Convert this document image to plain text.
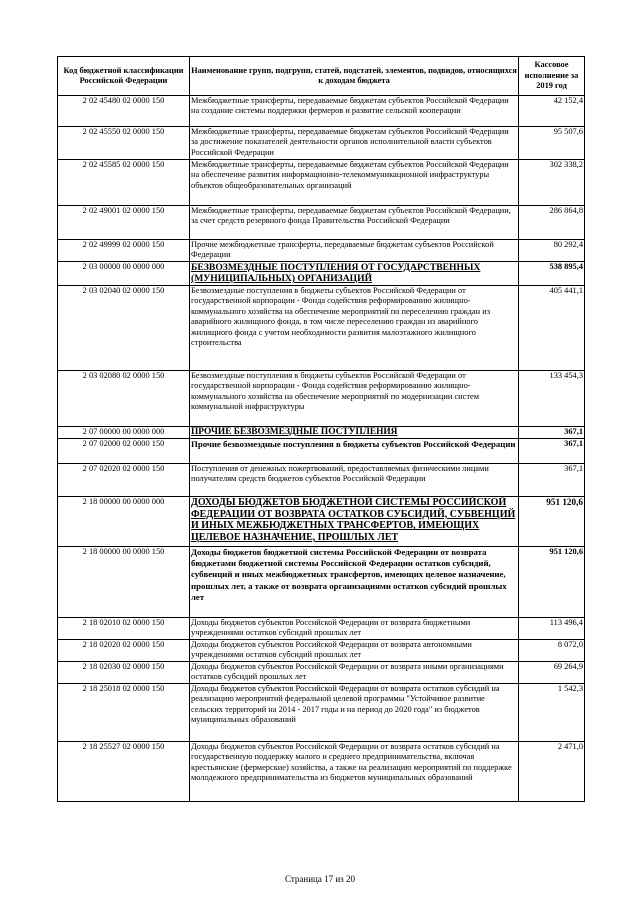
Код бюджетной классификации Российской Федерации	Наименование групп, подгрупп, статей, подстатей, элементов, подвидов, относящихся к доходам бюджета	Кассовое исполнение за 2019 год
2 02 45480 02 0000 150	Межбюджетные трансферты, передаваемые бюджетам субъектов Российской Федерации на создание системы поддержки фермеров и развитие сельской кооперации	42 152,4
2 02 45550 02 0000 150	Межбюджетные трансферты, передаваемые бюджетам субъектов Российской Федерации за достижение показателей деятельности органов исполнительной власти субъектов Российской Федерации	95 507,6
2 02 45585 02 0000 150	Межбюджетные трансферты, передаваемые бюджетам субъектов Российской Федерации на обеспечение развития информационно-телекоммуникационной инфраструктуры объектов общеобразовательных организаций	302 338,2
2 02 49001 02 0000 150	Межбюджетные трансферты, передаваемые бюджетам субъектов Российской Федерации, за счет средств резервного фонда Правительства Российской Федерации	286 864,8
2 02 49999 02 0000 150	Прочие межбюджетные трансферты, передаваемые бюджетам субъектов Российской Федерации	80 292,4
2 03 00000 00 0000 000	БЕЗВОЗМЕЗДНЫЕ ПОСТУПЛЕНИЯ ОТ ГОСУДАРСТВЕННЫХ (МУНИЦИПАЛЬНЫХ) ОРГАНИЗАЦИЙ	538 895,4
2 03 02040 02 0000 150	Безвозмездные поступления в бюджеты субъектов Российской Федерации от государственной корпорации - Фонда содействия реформированию жилищно-коммунального хозяйства на обеспечение мероприятий по переселению граждан из аварийного жилищного фонда, в том числе переселению граждан из аварийного жилищного фонда с учетом необходимости развития малоэтажного жилищного строительства	405 441,1
2 03 02080 02 0000 150	Безвозмездные поступления в бюджеты субъектов Российской Федерации от государственной корпорации - Фонда содействия реформированию жилищно-коммунального хозяйства на обеспечение мероприятий по модернизации систем коммунальной инфраструктуры	133 454,3
2 07 00000 00 0000 000	ПРОЧИЕ БЕЗВОЗМЕЗДНЫЕ ПОСТУПЛЕНИЯ	367,1
2 07 02000 02 0000 150	Прочие безвозмездные поступления в бюджеты субъектов Российской Федерации	367,1
2 07 02020 02 0000 150	Поступления от денежных пожертвований, предоставляемых физическими лицами получателям средств бюджетов субъектов Российской Федерации	367,1
2 18 00000 00 0000 000	ДОХОДЫ БЮДЖЕТОВ БЮДЖЕТНОЙ СИСТЕМЫ РОССИЙСКОЙ ФЕДЕРАЦИИ ОТ ВОЗВРАТА ОСТАТКОВ СУБСИДИЙ, СУБВЕНЦИЙ И ИНЫХ МЕЖБЮДЖЕТНЫХ ТРАНСФЕРТОВ, ИМЕЮЩИХ ЦЕЛЕВОЕ НАЗНАЧЕНИЕ, ПРОШЛЫХ ЛЕТ	951 120,6
2 18 00000 00 0000 150	Доходы бюджетов бюджетной системы Российской Федерации от возврата бюджетами бюджетной системы Российской Федерации остатков субсидий, субвенций и иных межбюджетных трансфертов, имеющих целевое назначение, прошлых лет, а также от возврата организациями остатков субсидий прошлых лет	951 120,6
2 18 02010 02 0000 150	Доходы бюджетов субъектов Российской Федерации от возврата бюджетными учреждениями остатков субсидий прошлых лет	113 496,4
2 18 02020 02 0000 150	Доходы бюджетов субъектов Российской Федерации от возврата автономными учреждениями остатков субсидий прошлых лет	8 072,0
2 18 02030 02 0000 150	Доходы бюджетов субъектов Российской Федерации от возврата иными организациями остатков субсидий прошлых лет	69 264,9
2 18 25018 02 0000 150	Доходы бюджетов субъектов Российской Федерации от возврата остатков субсидий на реализацию мероприятий федеральной целевой программы "Устойчивое развитие сельских территорий на 2014 - 2017 годы и на период до 2020 года" из бюджетов муниципальных образований	1 542,3
2 18 25527 02 0000 150	Доходы бюджетов субъектов Российской Федерации от возврата остатков субсидий на государственную поддержку малого и среднего предпринимательства, включая крестьянские (фермерские) хозяйства, а также на реализацию мероприятий по поддержке молодежного предпринимательства из бюджетов муниципальных образований	2 471,0
Страница 17 из 20
